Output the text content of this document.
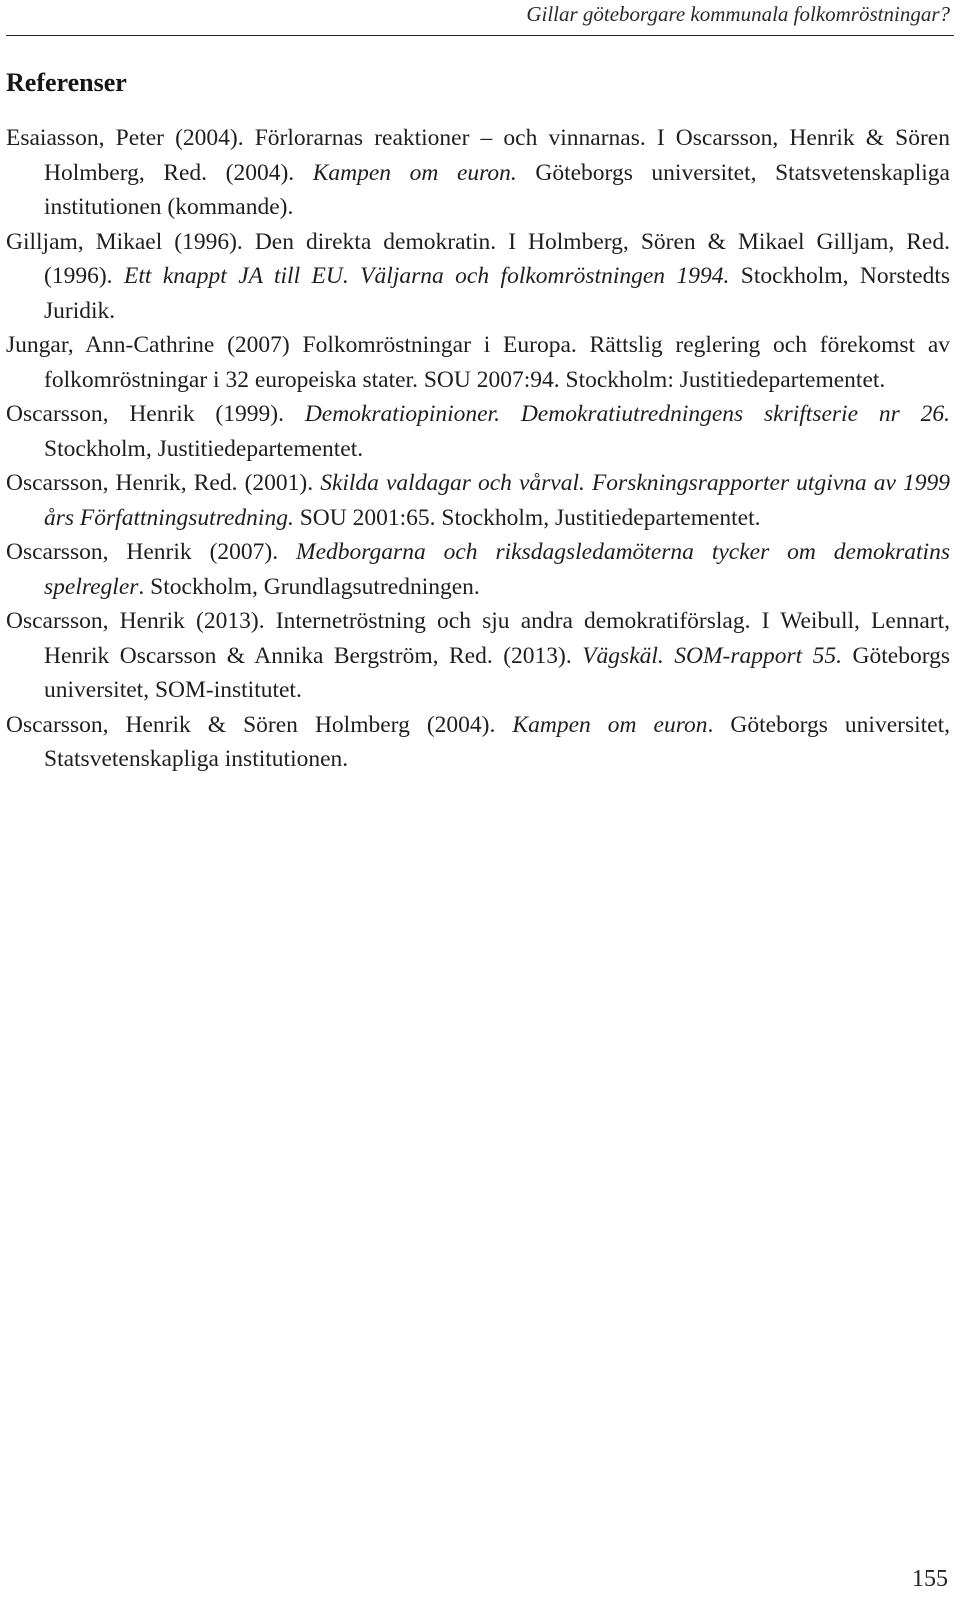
Gillar göteborgare kommunala folkomröstningar?
Referenser
Esaiasson, Peter (2004). Förlorarnas reaktioner – och vinnarnas. I Oscarsson, Henrik & Sören Holmberg, Red. (2004). Kampen om euron. Göteborgs universitet, Statsvetenskapliga institutionen (kommande).
Gilljam, Mikael (1996). Den direkta demokratin. I Holmberg, Sören & Mikael Gilljam, Red. (1996). Ett knappt JA till EU. Väljarna och folkomröstningen 1994. Stockholm, Norstedts Juridik.
Jungar, Ann-Cathrine (2007) Folkomröstningar i Europa. Rättslig reglering och förekomst av folkomröstningar i 32 europeiska stater. SOU 2007:94. Stockholm: Justitiedepartementet.
Oscarsson, Henrik (1999). Demokratiopinioner. Demokratiutredningens skriftserie nr 26. Stockholm, Justitiedepartementet.
Oscarsson, Henrik, Red. (2001). Skilda valdagar och vårval. Forskningsrapporter utgivna av 1999 års Författningsutredning. SOU 2001:65. Stockholm, Justitiedepartementet.
Oscarsson, Henrik (2007). Medborgarna och riksdagsledamöterna tycker om demokratins spelregler. Stockholm, Grundlagsutredningen.
Oscarsson, Henrik (2013). Internetröstning och sju andra demokratiförslag. I Weibull, Lennart, Henrik Oscarsson & Annika Bergström, Red. (2013). Vägskäl. SOM-rapport 55. Göteborgs universitet, SOM-institutet.
Oscarsson, Henrik & Sören Holmberg (2004). Kampen om euron. Göteborgs universitet, Statsvetenskapliga institutionen.
155
